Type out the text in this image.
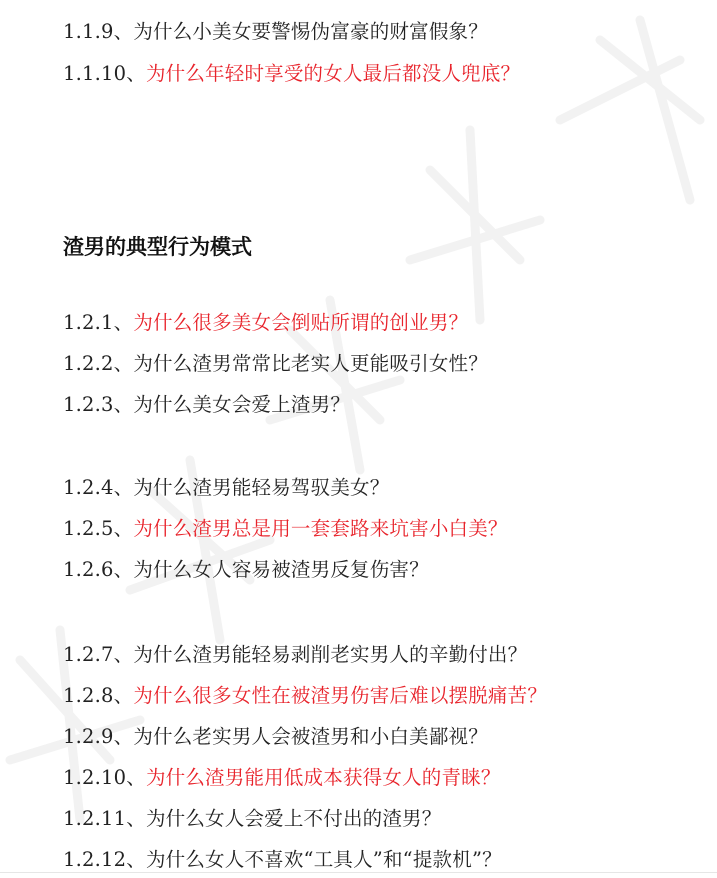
1.1.9、为什么小美女要警惕伪富豪的财富假象？
1.1.10、为什么年轻时享受的女人最后都没人兜底？
渣男的典型行为模式
1.2.1、为什么很多美女会倒贴所谓的创业男？
1.2.2、为什么渣男常常比老实人更能吸引女性？
1.2.3、为什么美女会爱上渣男？
1.2.4、为什么渣男能轻易驾驭美女？
1.2.5、为什么渣男总是用一套套路来坑害小白美？
1.2.6、为什么女人容易被渣男反复伤害？
1.2.7、为什么渣男能轻易剥削老实男人的辛勤付出？
1.2.8、为什么很多女性在被渣男伤害后难以摆脱痛苦？
1.2.9、为什么老实男人会被渣男和小白美鄙视？
1.2.10、为什么渣男能用低成本获得女人的青睐？
1.2.11、为什么女人会爱上不付出的渣男？
1.2.12、为什么女人不喜欢“工具人”和“提款机”？
